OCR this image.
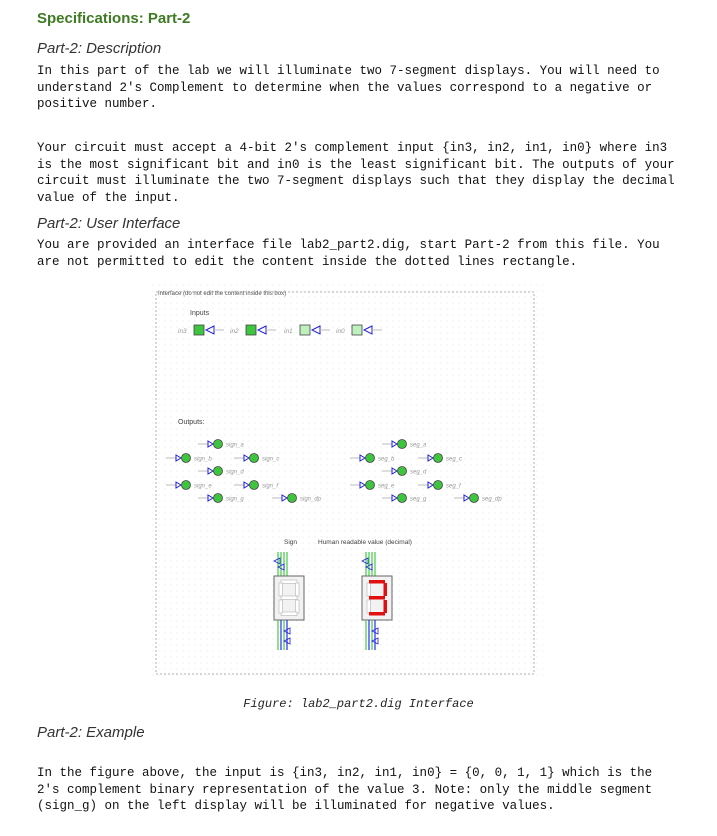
Specifications: Part-2
Part-2: Description

In this part of the lab we will illuminate two 7-segment displays. You will need to understand 2's Complement to determine when the values correspond to a negative or positive number.

Your circuit must accept a 4-bit 2's complement input {in3, in2, in1, in0} where in3 is the most significant bit and in0 is the least significant bit. The outputs of your circuit must illuminate the two 7-segment displays such that they display the decimal value of the input.

Part-2: User Interface

You are provided an interface file lab2_part2.dig, start Part-2 from this file. You are not permitted to edit the content inside the dotted lines rectangle.

Interface (do not edit the content inside this box)
Inputs
in3	in2	in1	in0
Outputs:
sign_a
sign_b	sign_c
sign_d
sign_e	sign_f
sign_g	sign_dp
seg_a
seg_b	seg_c
seg_d
seg_e	seg_f
seg_g	seg_dp
Sign	Human readable value (decimal)

Figure: lab2_part2.dig Interface

Part-2: Example

In the figure above, the input is {in3, in2, in1, in0} = {0, 0, 1, 1} which is the 2's complement binary representation of the value 3. Note: only the middle segment (sign_g) on the left display will be illuminated for negative values.
